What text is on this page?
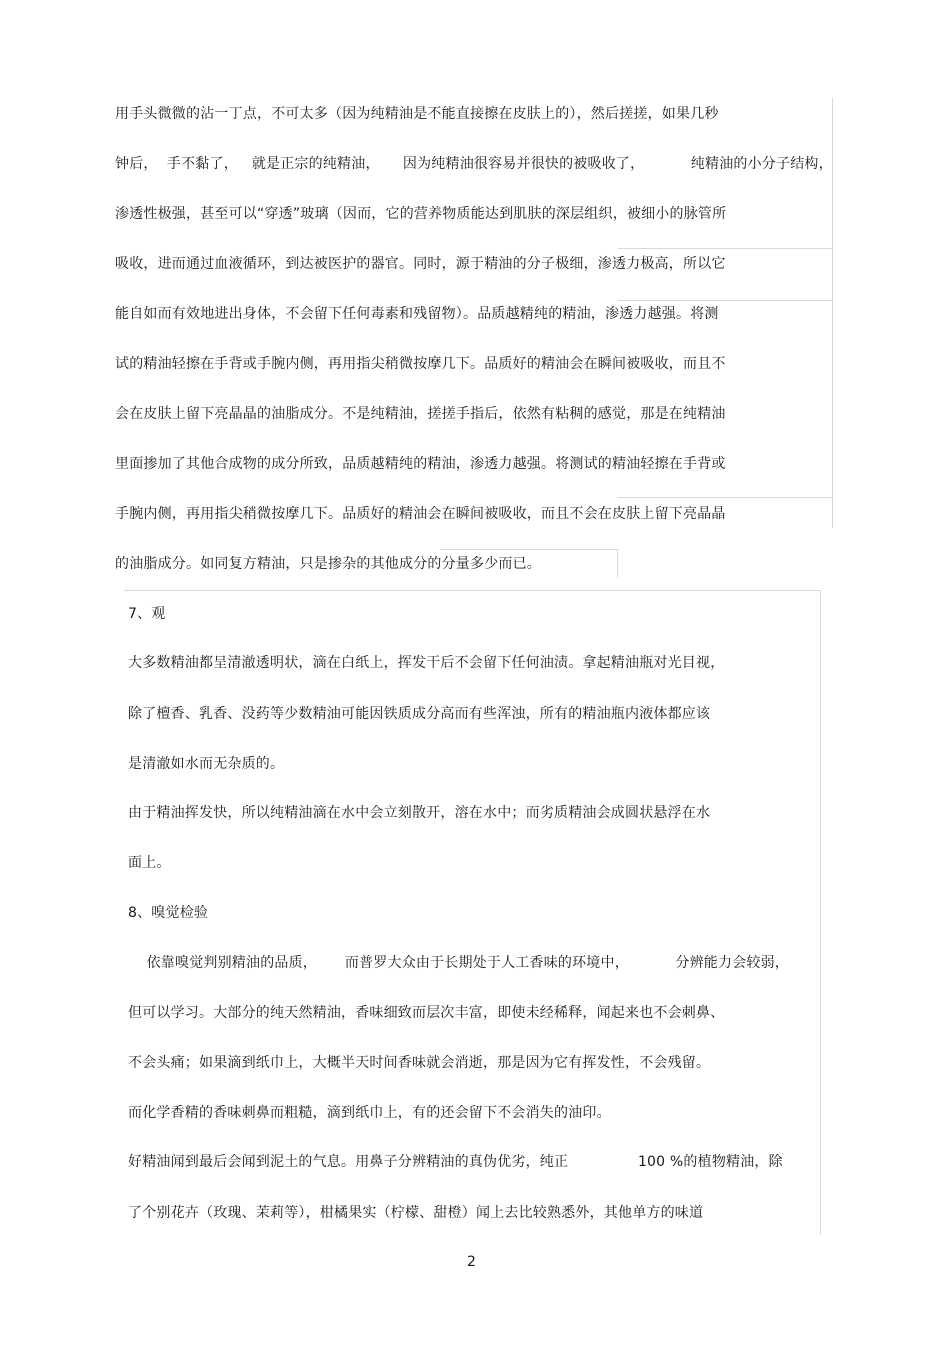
用手头微微的沾一丁点，不可太多（因为纯精油是不能直接擦在皮肤上的），然后搓搓，如果几秒
钟后，  手不黏了，   就是正宗的纯精油，     因为纯精油很容易并很快的被吸收了，          纯精油的小分子结构，
渗透性极强，甚至可以“穿透”玻璃（因而，它的营养物质能达到肌肤的深层组织，被细小的脉管所
吸收，进而通过血液循环，到达被医护的器官。同时，源于精油的分子极细，渗透力极高，所以它
能自如而有效地进出身体，不会留下任何毒素和残留物）。品质越精纯的精油，渗透力越强。将测
试的精油轻擦在手背或手腕内侧，再用指尖稍微按摩几下。品质好的精油会在瞬间被吸收，而且不
会在皮肤上留下亮晶晶的油脂成分。不是纯精油，搓搓手指后，依然有粘稠的感觉，那是在纯精油
里面掺加了其他合成物的成分所致，品质越精纯的精油，渗透力越强。将测试的精油轻擦在手背或
手腕内侧，再用指尖稍微按摩几下。品质好的精油会在瞬间被吸收，而且不会在皮肤上留下亮晶晶
的油脂成分。如同复方精油，只是掺杂的其他成分的分量多少而已。
7、观
大多数精油都呈清澈透明状，滴在白纸上，挥发干后不会留下任何油渍。拿起精油瓶对光目视，
除了檀香、乳香、没药等少数精油可能因铁质成分高而有些浑浊，所有的精油瓶内液体都应该
是清澈如水而无杂质的。
由于精油挥发快，所以纯精油滴在水中会立刻散开，溶在水中；而劣质精油会成圆状悬浮在水
面上。
8、嗅觉检验
依靠嗅觉判别精油的品质，      而普罗大众由于长期处于人工香味的环境中，          分辨能力会较弱，
但可以学习。大部分的纯天然精油，香味细致而层次丰富，即使未经稀释，闻起来也不会刺鼻、
不会头痛；如果滴到纸巾上，大概半天时间香味就会消逝，那是因为它有挥发性，不会残留。
而化学香精的香味刺鼻而粗糙，滴到纸巾上，有的还会留下不会消失的油印。
好精油闻到最后会闻到泥土的气息。用鼻子分辨精油的真伪优劣，纯正               100 %的植物精油，除
了个别花卉（玫瑰、茉莉等），柑橘果实（柠檬、甜橙）闻上去比较熟悉外，其他单方的味道
2
